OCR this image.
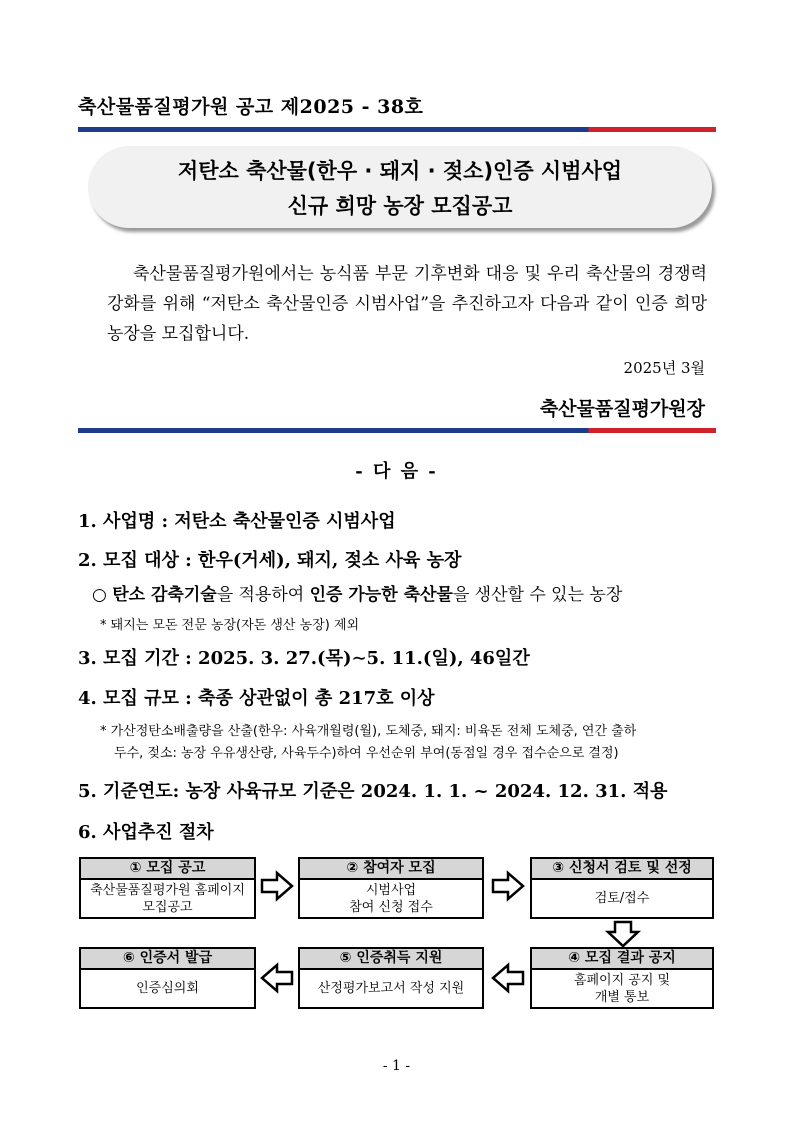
축산물품질평가원 공고 제2025 - 38호
저탄소 축산물(한우 · 돼지 · 젖소)인증 시범사업
신규 희망 농장 모집공고
축산물품질평가원에서는 농식품 부문 기후변화 대응 및 우리 축산물의 경쟁력 강화를 위해 “저탄소 축산물인증 시범사업”을 추진하고자 다음과 같이 인증 희망 농장을 모집합니다.
2025년 3월
축산물품질평가원장
- 다 음 -
1. 사업명 : 저탄소 축산물인증 시범사업
2. 모집 대상 : 한우(거세), 돼지, 젖소 사육 농장
○ 탄소 감축기술을 적용하여 인증 가능한 축산물을 생산할 수 있는 농장
* 돼지는 모돈 전문 농장(자돈 생산 농장) 제외
3. 모집 기간 : 2025. 3. 27.(목)∼5. 11.(일), 46일간
4. 모집 규모 : 축종 상관없이 총 217호 이상
* 가산정탄소배출량을 산출(한우: 사육개월령(월), 도체중, 돼지: 비육돈 전체 도체중, 연간 출하
두수, 젖소: 농장 우유생산량, 사육두수)하여 우선순위 부여(동점일 경우 접수순으로 결정)
5. 기준연도: 농장 사육규모 기준은 2024. 1. 1. ~ 2024. 12. 31. 적용
6. 사업추진 절차
① 모집 공고
축산물품질평가원 홈페이지
모집공고
② 참여자 모집
시범사업
참여 신청 접수
③ 신청서 검토 및 선정
검토/접수
④ 모집 결과 공지
홈페이지 공지 및
개별 통보
⑤ 인증취득 지원
산정평가보고서 작성 지원
⑥ 인증서 발급
인증심의회
- 1 -
